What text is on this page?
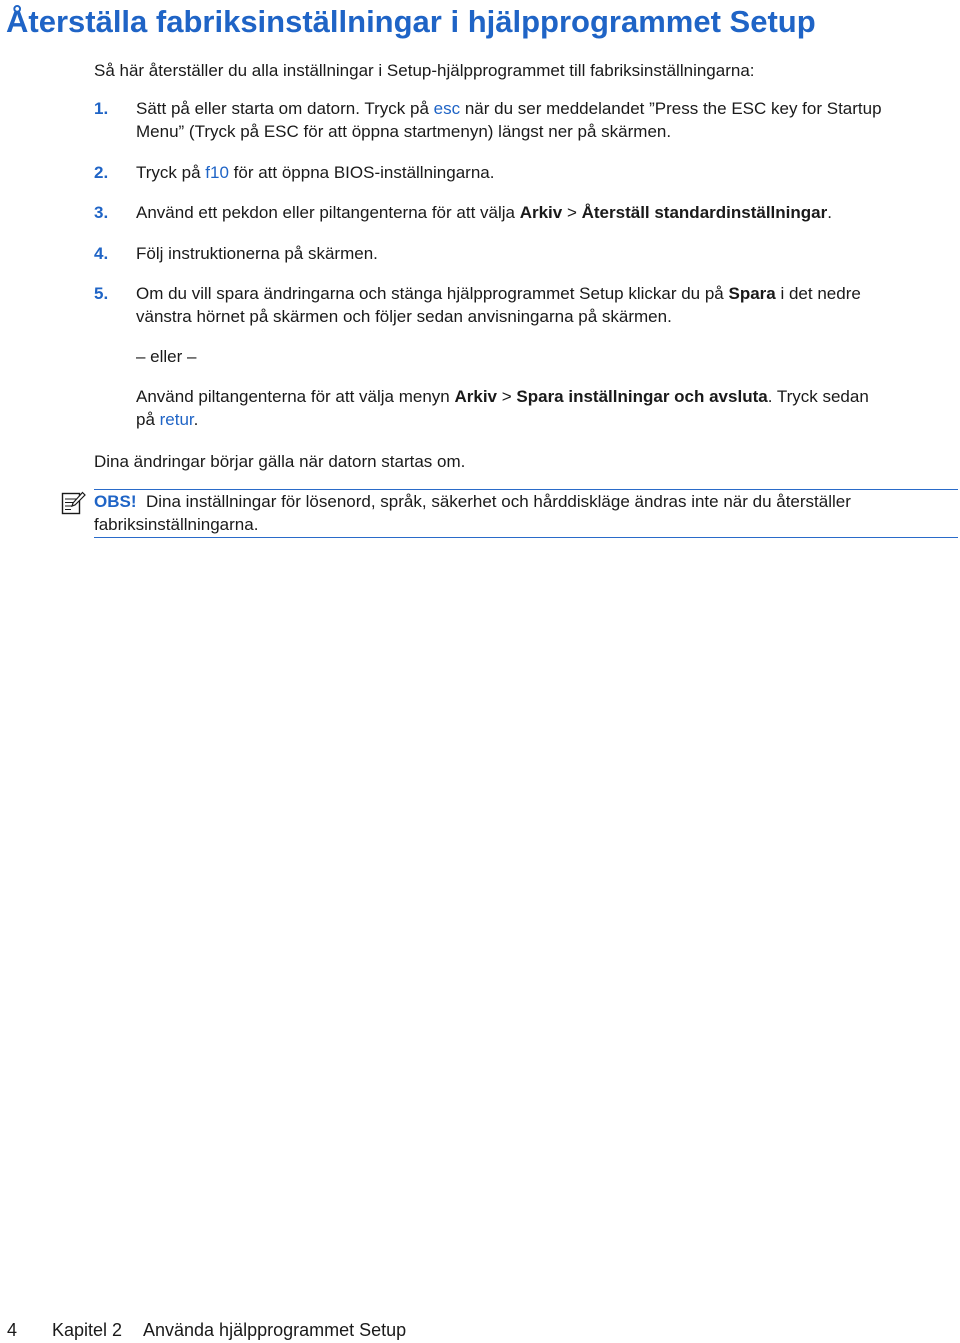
Återställa fabriksinställningar i hjälpprogrammet Setup

Så här återställer du alla inställningar i Setup-hjälpprogrammet till fabriksinställningarna:

1. Sätt på eller starta om datorn. Tryck på esc när du ser meddelandet ”Press the ESC key for Startup

Menu” (Tryck på ESC för att öppna startmenyn) längst ner på skärmen.

2. Tryck på f10 för att öppna BIOS-inställningarna.

3. Använd ett pekdon eller piltangenterna för att välja Arkiv > Återställ standardinställningar.

4. Följ instruktionerna på skärmen.

5. Om du vill spara ändringarna och stänga hjälpprogrammet Setup klickar du på Spara i det nedre

vänstra hörnet på skärmen och följer sedan anvisningarna på skärmen.

– eller –

Använd piltangenterna för att välja menyn Arkiv > Spara inställningar och avsluta. Tryck sedan

på retur.

Dina ändringar börjar gälla när datorn startas om.

OBS! Dina inställningar för lösenord, språk, säkerhet och hårddiskläge ändras inte när du återställer

fabriksinställningarna.

4 Kapitel 2 Använda hjälpprogrammet Setup
